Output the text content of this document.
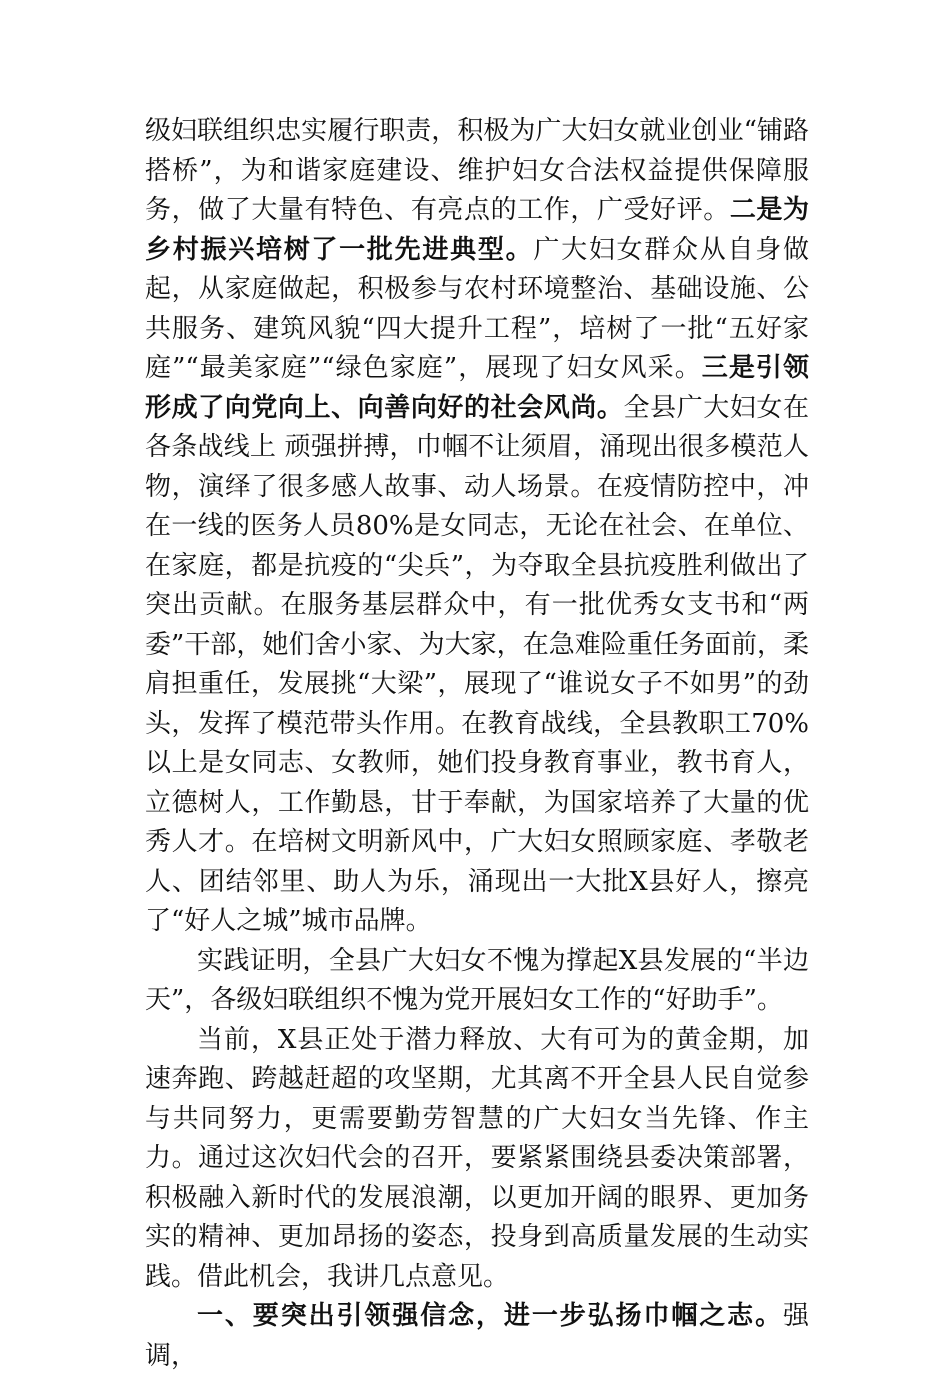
级妇联组织忠实履行职责，积极为广大妇女就业创业“铺路搭桥”，为和谐家庭建设、维护妇女合法权益提供保障服务，做了大量有特色、有亮点的工作，广受好评。二是为乡村振兴培树了一批先进典型。广大妇女群众从自身做起，从家庭做起，积极参与农村环境整治、基础设施、公共服务、建筑风貌“四大提升工程”，培树了一批“五好家庭”“最美家庭”“绿色家庭”，展现了妇女风采。三是引领形成了向党向上、向善向好的社会风尚。全县广大妇女在各条战线上 顽强拼搏，巾帼不让须眉，涌现出很多模范人物，演绎了很多感人故事、动人场景。在疫情防控中，冲在一线的医务人员80%是女同志，无论在社会、在单位、在家庭，都是抗疫的“尖兵”，为夺取全县抗疫胜利做出了突出贡献。在服务基层群众中，有一批优秀女支书和“两委”干部，她们舍小家、为大家，在急难险重任务面前，柔肩担重任，发展挑“大梁”，展现了“谁说女子不如男”的劲头，发挥了模范带头作用。在教育战线，全县教职工70%以上是女同志、女教师，她们投身教育事业，教书育人，立德树人，工作勤恳，甘于奉献，为国家培养了大量的优秀人才。在培树文明新风中，广大妇女照顾家庭、孝敬老人、团结邻里、助人为乐，涌现出一大批X县好人，擦亮了“好人之城”城市品牌。

实践证明，全县广大妇女不愧为撑起X县发展的“半边天”，各级妇联组织不愧为党开展妇女工作的“好助手”。

当前，X县正处于潜力释放、大有可为的黄金期，加速奔跑、跨越赶超的攻坚期，尤其离不开全县人民自觉参与共同努力，更需要勤劳智慧的广大妇女当先锋、作主力。通过这次妇代会的召开，要紧紧围绕县委决策部署，积极融入新时代的发展浪潮，以更加开阔的眼界、更加务实的精神、更加昂扬的姿态，投身到高质量发展的生动实践。借此机会，我讲几点意见。

一、要突出引领强信念，进一步弘扬巾帼之志。强调，
